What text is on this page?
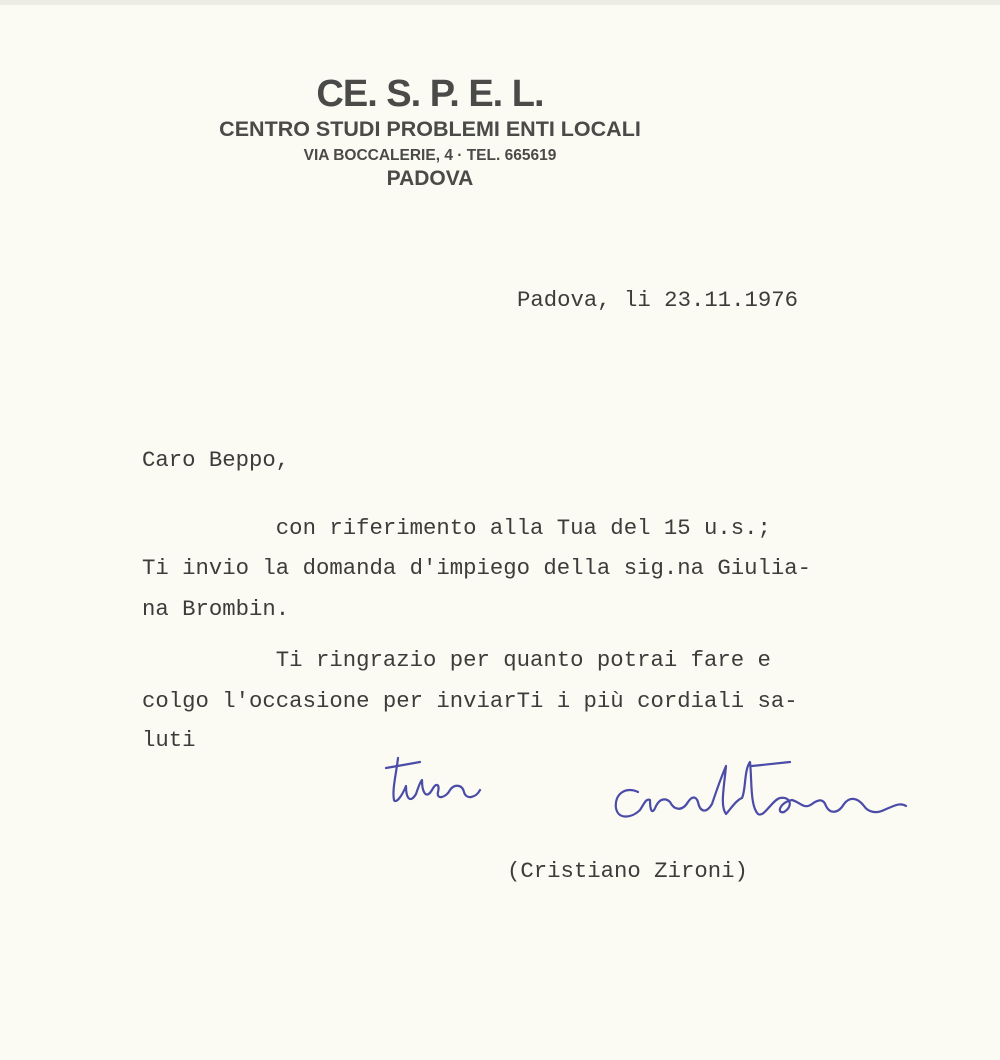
CE. S. P. E. L.
CENTRO STUDI PROBLEMI ENTI LOCALI
VIA BOCCALERIE, 4 · TEL. 665619
PADOVA
Padova, li 23.11.1976
Caro Beppo,
con riferimento alla Tua del 15 u.s.;
Ti invio la domanda d'impiego della sig.na Giulia-
na Brombin.
Ti ringrazio per quanto potrai fare e
colgo l'occasione per inviarTi i più cordiali sa-
luti
(Cristiano Zironi)
